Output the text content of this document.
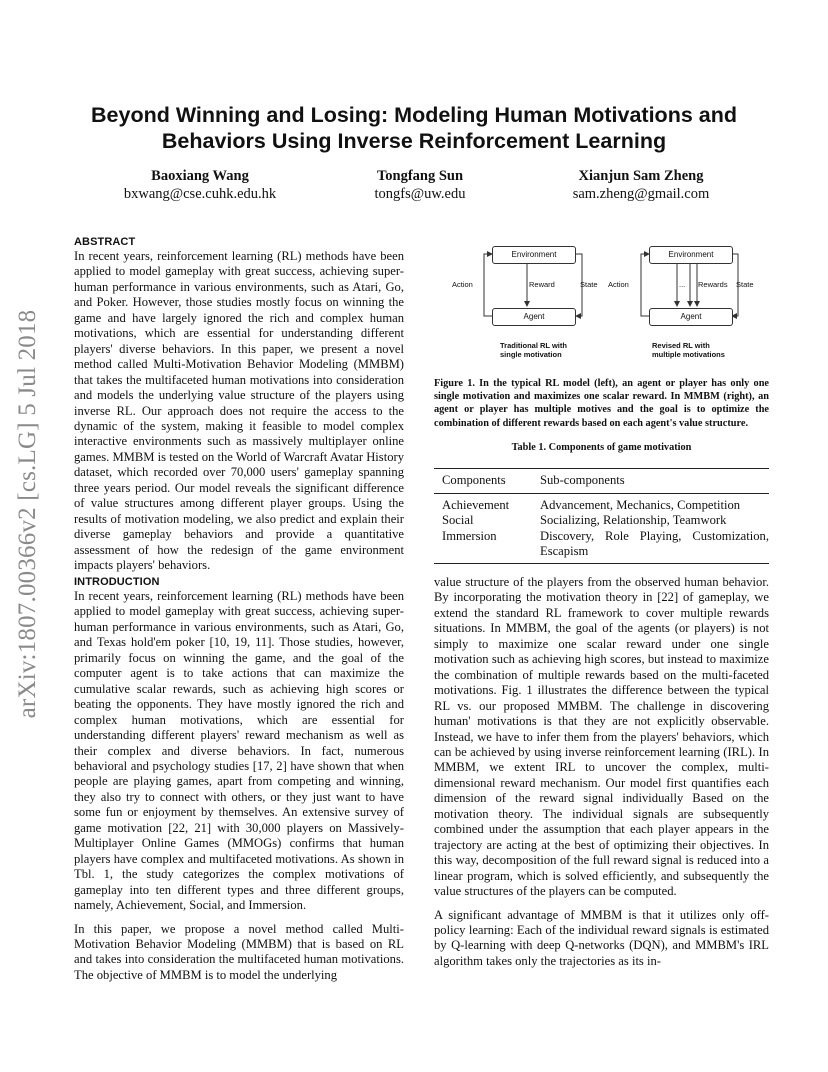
arXiv:1807.00366v2 [cs.LG] 5 Jul 2018
Beyond Winning and Losing: Modeling Human Motivations and Behaviors Using Inverse Reinforcement Learning
Baoxiang Wang
bxwang@cse.cuhk.edu.hk
Tongfang Sun
tongfs@uw.edu
Xianjun Sam Zheng
sam.zheng@gmail.com
ABSTRACT
In recent years, reinforcement learning (RL) methods have been applied to model gameplay with great success, achieving super-human performance in various environments, such as Atari, Go, and Poker. However, those studies mostly focus on winning the game and have largely ignored the rich and complex human motivations, which are essential for understanding different players' diverse behaviors. In this paper, we present a novel method called Multi-Motivation Behavior Modeling (MMBM) that takes the multifaceted human motivations into consideration and models the underlying value structure of the players using inverse RL. Our approach does not require the access to the dynamic of the system, making it feasible to model complex interactive environments such as massively multiplayer online games. MMBM is tested on the World of Warcraft Avatar History dataset, which recorded over 70,000 users' gameplay spanning three years period. Our model reveals the significant difference of value structures among different player groups. Using the results of motivation modeling, we also predict and explain their diverse gameplay behaviors and provide a quantitative assessment of how the redesign of the game environment impacts players' behaviors.
INTRODUCTION
In recent years, reinforcement learning (RL) methods have been applied to model gameplay with great success, achieving super-human performance in various environments, such as Atari, Go, and Texas hold'em poker [10, 19, 11]. Those studies, however, primarily focus on winning the game, and the goal of the computer agent is to take actions that can maximize the cumulative scalar rewards, such as achieving high scores or beating the opponents. They have mostly ignored the rich and complex human motivations, which are essential for understanding different players' reward mechanism as well as their complex and diverse behaviors. In fact, numerous behavioral and psychology studies [17, 2] have shown that when people are playing games, apart from competing and winning, they also try to connect with others, or they just want to have some fun or enjoyment by themselves. An extensive survey of game motivation [22, 21] with 30,000 players on Massively-Multiplayer Online Games (MMOGs) confirms that human players have complex and multifaceted motivations. As shown in Tbl. 1, the study categorizes the complex motivations of gameplay into ten different types and three different groups, namely, Achievement, Social, and Immersion.
In this paper, we propose a novel method called Multi-Motivation Behavior Modeling (MMBM) that is based on RL and takes into consideration the multifaceted human motivations. The objective of MMBM is to model the underlying
Environment
Agent
Action	Reward	State
Traditional RL with
single motivation
Environment
Agent
Action	... Rewards State
Revised RL with
multiple motivations
Figure 1. In the typical RL model (left), an agent or player has only one single motivation and maximizes one scalar reward. In MMBM (right), an agent or player has multiple motives and the goal is to optimize the combination of different rewards based on each agent's value structure.
Table 1. Components of game motivation
Components	Sub-components
Achievement	Advancement, Mechanics, Competition
Social	Socializing, Relationship, Teamwork
Immersion	Discovery, Role Playing, Customization, Escapism
value structure of the players from the observed human behavior. By incorporating the motivation theory in [22] of gameplay, we extend the standard RL framework to cover multiple rewards situations. In MMBM, the goal of the agents (or players) is not simply to maximize one scalar reward under one single motivation such as achieving high scores, but instead to maximize the combination of multiple rewards based on the multi-faceted motivations. Fig. 1 illustrates the difference between the typical RL vs. our proposed MMBM. The challenge in discovering human' motivations is that they are not explicitly observable. Instead, we have to infer them from the players' behaviors, which can be achieved by using inverse reinforcement learning (IRL). In MMBM, we extent IRL to uncover the complex, multi-dimensional reward mechanism. Our model first quantifies each dimension of the reward signal individually Based on the motivation theory. The individual signals are subsequently combined under the assumption that each player appears in the trajectory are acting at the best of optimizing their objectives. In this way, decomposition of the full reward signal is reduced into a linear program, which is solved efficiently, and subsequently the value structures of the players can be computed.
A significant advantage of MMBM is that it utilizes only off-policy learning: Each of the individual reward signals is estimated by Q-learning with deep Q-networks (DQN), and MMBM's IRL algorithm takes only the trajectories as its in-
